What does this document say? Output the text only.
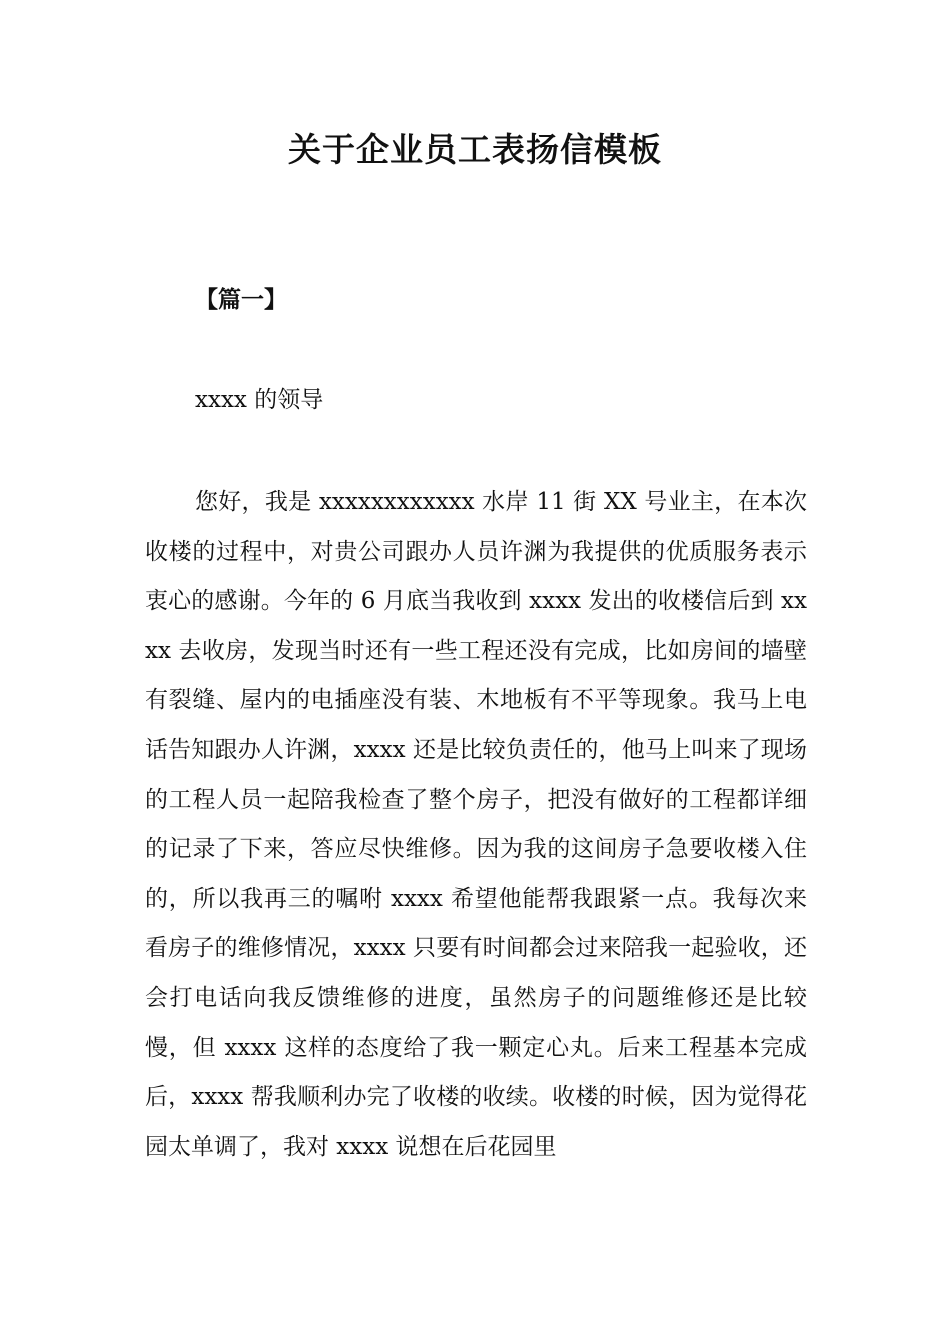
关于企业员工表扬信模板
【篇一】
xxxx 的领导

您好，我是 xxxxxxxxxxxx 水岸 11 街 XX 号业主，在本次收楼的过程中，对贵公司跟办人员许渊为我提供的优质服务表示衷心的感谢。今年的 6 月底当我收到 xxxx 发出的收楼信后到 xxxx 去收房，发现当时还有一些工程还没有完成，比如房间的墙壁有裂缝、屋内的电插座没有装、木地板有不平等现象。我马上电话告知跟办人许渊，xxxx 还是比较负责任的，他马上叫来了现场的工程人员一起陪我检查了整个房子，把没有做好的工程都详细的记录了下来，答应尽快维修。因为我的这间房子急要收楼入住的，所以我再三的嘱咐 xxxx 希望他能帮我跟紧一点。我每次来看房子的维修情况，xxxx 只要有时间都会过来陪我一起验收，还会打电话向我反馈维修的进度，虽然房子的问题维修还是比较慢，但 xxxx 这样的态度给了我一颗定心丸。后来工程基本完成后，xxxx 帮我顺利办完了收楼的收续。收楼的时候，因为觉得花园太单调了，我对 xxxx 说想在后花园里
